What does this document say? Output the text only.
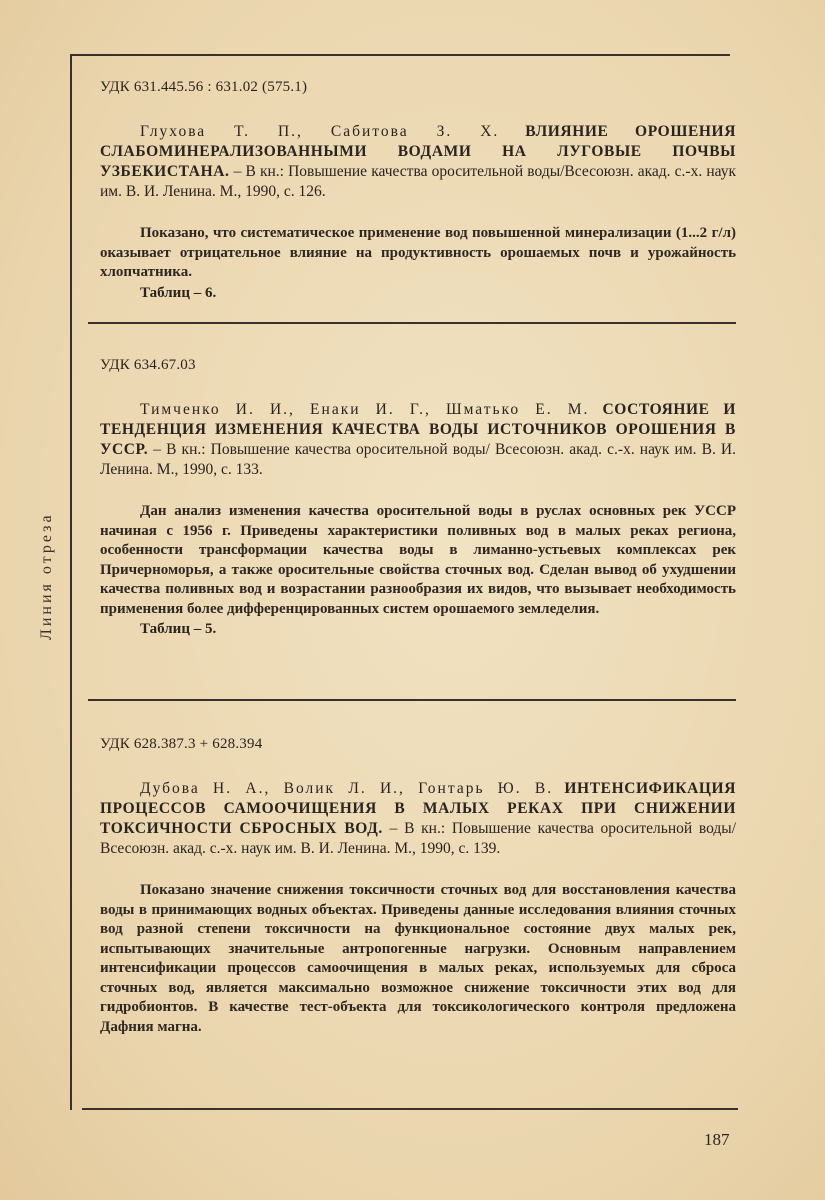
Линия отреза
УДК 631.445.56 : 631.02 (575.1)
Глухова Т. П., Сабитова З. Х. ВЛИЯНИЕ ОРОШЕНИЯ СЛАБОМИНЕРАЛИЗОВАННЫМИ ВОДАМИ НА ЛУГОВЫЕ ПОЧВЫ УЗБЕКИСТАНА. – В кн.: Повышение качества оросительной воды/Всесоюзн. акад. с.-х. наук им. В. И. Ленина. М., 1990, с. 126.
Показано, что систематическое применение вод повышенной минерализации (1...2 г/л) оказывает отрицательное влияние на продуктивность орошаемых почв и урожайность хлопчатника.
Таблиц – 6.
УДК 634.67.03
Тимченко И. И., Енаки И. Г., Шматько Е. М. СОСТОЯНИЕ И ТЕНДЕНЦИЯ ИЗМЕНЕНИЯ КАЧЕСТВА ВОДЫ ИСТОЧНИКОВ ОРОШЕНИЯ В УССР. – В кн.: Повышение качества оросительной воды/ Всесоюзн. акад. с.-х. наук им. В. И. Ленина. М., 1990, с. 133.
Дан анализ изменения качества оросительной воды в руслах основных рек УССР начиная с 1956 г. Приведены характеристики поливных вод в малых реках региона, особенности трансформации качества воды в лиманно-устьевых комплексах рек Причерноморья, а также оросительные свойства сточных вод. Сделан вывод об ухудшении качества поливных вод и возрастании разнообразия их видов, что вызывает необходимость применения более дифференцированных систем орошаемого земледелия.
Таблиц – 5.
УДК 628.387.3 + 628.394
Дубова Н. А., Волик Л. И., Гонтарь Ю. В. ИНТЕНСИФИКАЦИЯ ПРОЦЕССОВ САМООЧИЩЕНИЯ В МАЛЫХ РЕКАХ ПРИ СНИЖЕНИИ ТОКСИЧНОСТИ СБРОСНЫХ ВОД. – В кн.: Повышение качества оросительной воды/Всесоюзн. акад. с.-х. наук им. В. И. Ленина. М., 1990, с. 139.
Показано значение снижения токсичности сточных вод для восстановления качества воды в принимающих водных объектах. Приведены данные исследования влияния сточных вод разной степени токсичности на функциональное состояние двух малых рек, испытывающих значительные антропогенные нагрузки. Основным направлением интенсификации процессов самоочищения в малых реках, используемых для сброса сточных вод, является максимально возможное снижение токсичности этих вод для гидробионтов. В качестве тест-объекта для токсикологического контроля предложена Дафния магна.
187
